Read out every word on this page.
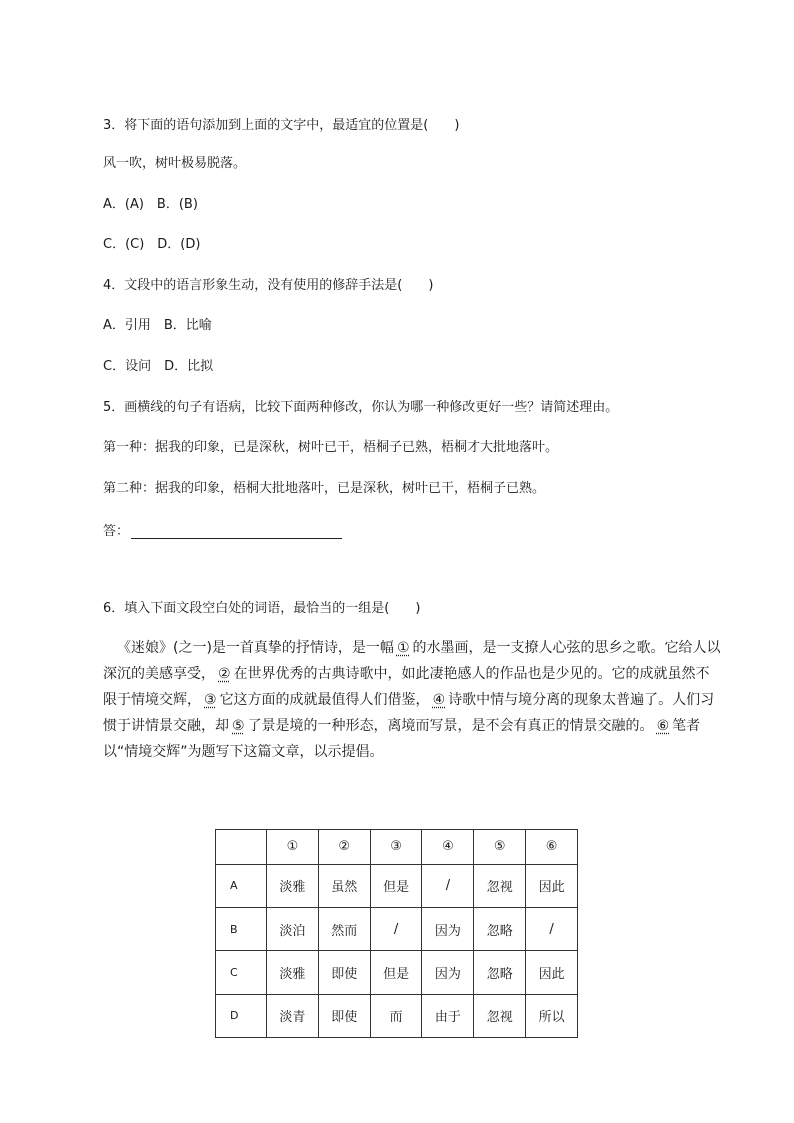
3．将下面的语句添加到上面的文字中，最适宜的位置是(　　)
风一吹，树叶极易脱落。
A．(A)　B．(B)
C．(C)　D．(D)
4．文段中的语言形象生动，没有使用的修辞手法是(　　)
A．引用　B．比喻
C．设问　D．比拟
5．画横线的句子有语病，比较下面两种修改，你认为哪一种修改更好一些？请简述理由。
第一种：据我的印象，已是深秋，树叶已干，梧桐子已熟，梧桐才大批地落叶。
第二种：据我的印象，梧桐大批地落叶，已是深秋，树叶已干，梧桐子已熟。
答：
6．填入下面文段空白处的词语，最恰当的一组是(　　)
《迷娘》(之一)是一首真挚的抒情诗，是一幅 ① 的水墨画，是一支撩人心弦的思乡之歌。它给人以深沉的美感享受， ② 在世界优秀的古典诗歌中，如此凄艳感人的作品也是少见的。它的成就虽然不限于情境交辉， ③ 它这方面的成就最值得人们借鉴， ④ 诗歌中情与境分离的现象太普遍了。人们习惯于讲情景交融，却 ⑤ 了景是境的一种形态，离境而写景，是不会有真正的情景交融的。 ⑥ 笔者以“情境交辉”为题写下这篇文章，以示提倡。
	①	②	③	④	⑤	⑥
A	淡雅	虽然	但是	/	忽视	因此
B	淡泊	然而	/	因为	忽略	/
C	淡雅	即使	但是	因为	忽略	因此
D	淡青	即使	而	由于	忽视	所以
